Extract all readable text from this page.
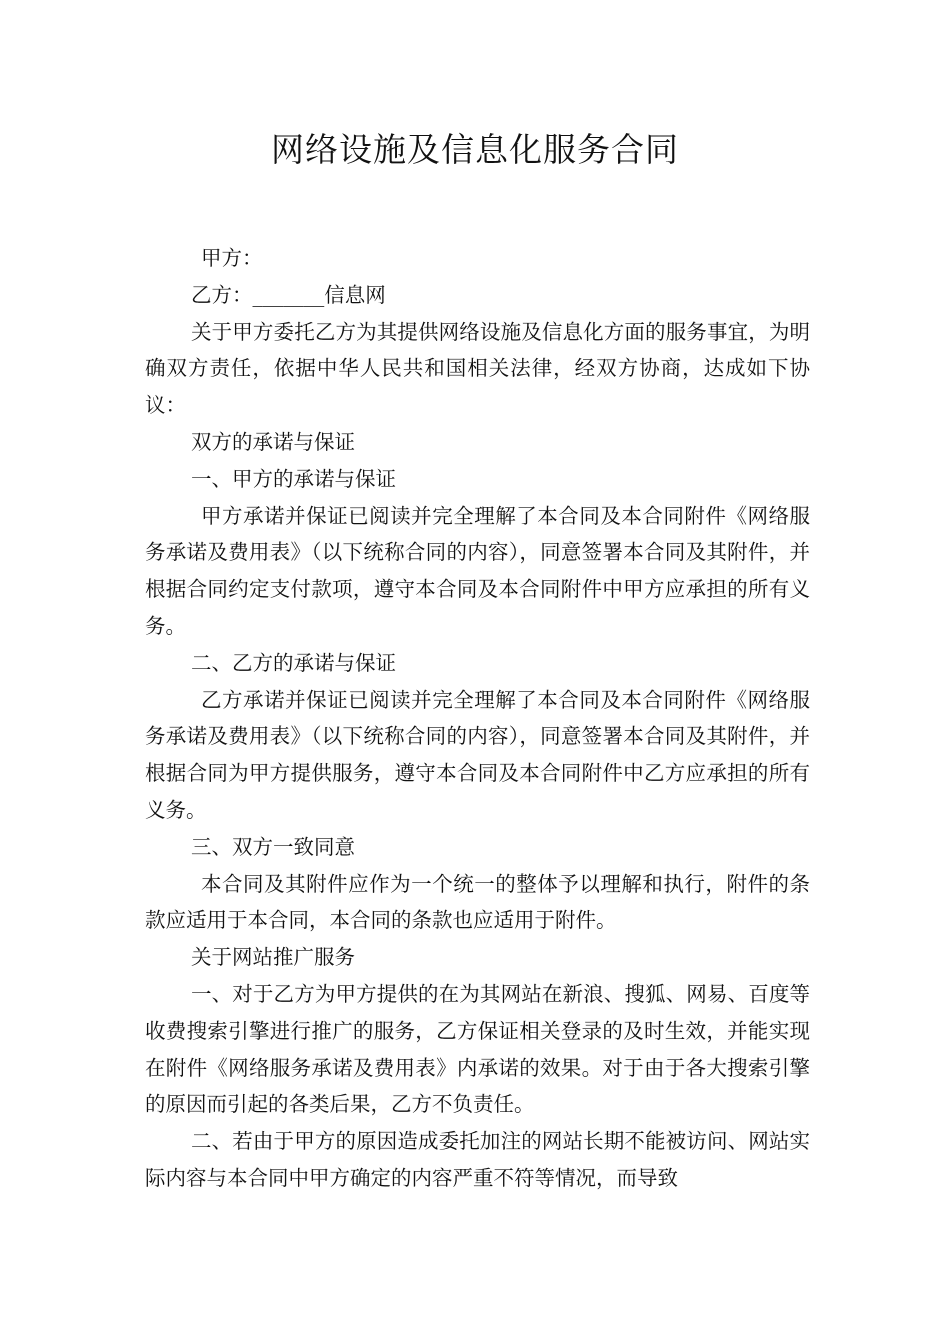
网络设施及信息化服务合同

甲方：

乙方：_______信息网

关于甲方委托乙方为其提供网络设施及信息化方面的服务事宜，为明确双方责任，依据中华人民共和国相关法律，经双方协商，达成如下协议：

双方的承诺与保证

一、甲方的承诺与保证

甲方承诺并保证已阅读并完全理解了本合同及本合同附件《网络服务承诺及费用表》（以下统称合同的内容），同意签署本合同及其附件，并根据合同约定支付款项，遵守本合同及本合同附件中甲方应承担的所有义务。

二、乙方的承诺与保证

乙方承诺并保证已阅读并完全理解了本合同及本合同附件《网络服务承诺及费用表》（以下统称合同的内容），同意签署本合同及其附件，并根据合同为甲方提供服务，遵守本合同及本合同附件中乙方应承担的所有义务。

三、双方一致同意

本合同及其附件应作为一个统一的整体予以理解和执行，附件的条款应适用于本合同，本合同的条款也应适用于附件。

关于网站推广服务

一、对于乙方为甲方提供的在为其网站在新浪、搜狐、网易、百度等收费搜索引擎进行推广的服务，乙方保证相关登录的及时生效，并能实现在附件《网络服务承诺及费用表》内承诺的效果。对于由于各大搜索引擎的原因而引起的各类后果，乙方不负责任。

二、若由于甲方的原因造成委托加注的网站长期不能被访问、网站实际内容与本合同中甲方确定的内容严重不符等情况，而导致
